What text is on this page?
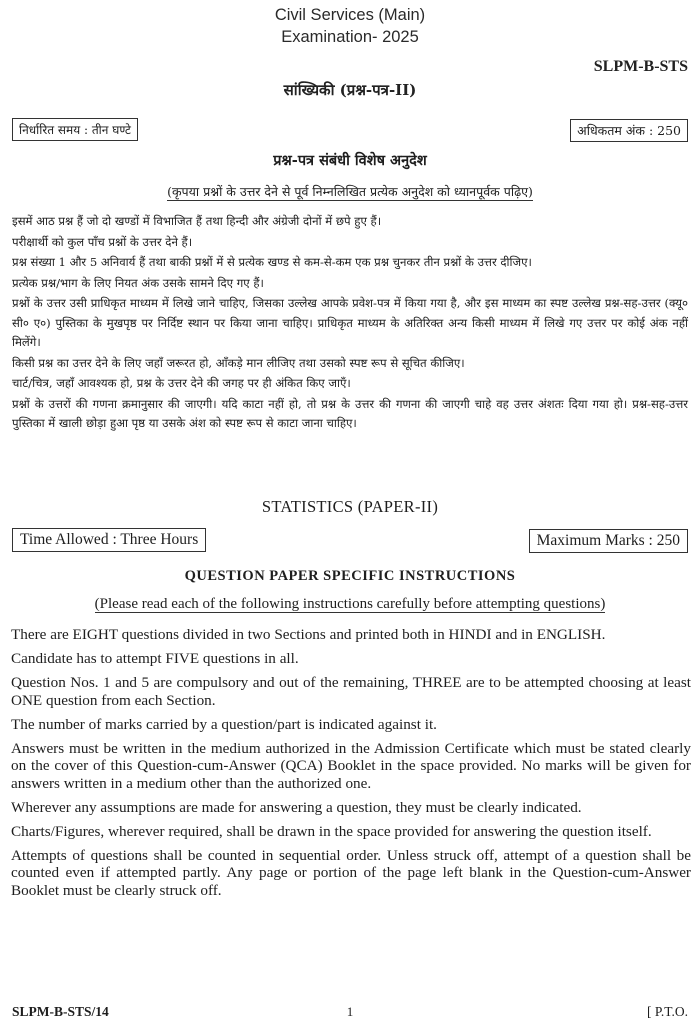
Civil Services (Main)
Examination- 2025
SLPM-B-STS
सांख्यिकी (प्रश्न-पत्र-II)
निर्धारित समय : तीन घण्टे	अधिकतम अंक : 250
प्रश्न-पत्र संबंधी विशेष अनुदेश
(कृपया प्रश्नों के उत्तर देने से पूर्व निम्नलिखित प्रत्येक अनुदेश को ध्यानपूर्वक पढ़िए)

इसमें आठ प्रश्न हैं जो दो खण्डों में विभाजित हैं तथा हिन्दी और अंग्रेजी दोनों में छपे हुए हैं।

परीक्षार्थी को कुल पाँच प्रश्नों के उत्तर देने हैं।

प्रश्न संख्या 1 और 5 अनिवार्य हैं तथा बाकी प्रश्नों में से प्रत्येक खण्ड से कम-से-कम एक प्रश्न चुनकर तीन प्रश्नों के उत्तर दीजिए।

प्रत्येक प्रश्न/भाग के लिए नियत अंक उसके सामने दिए गए हैं।

प्रश्नों के उत्तर उसी प्राधिकृत माध्यम में लिखे जाने चाहिए, जिसका उल्लेख आपके प्रवेश-पत्र में किया गया है, और इस माध्यम का स्पष्ट उल्लेख प्रश्न-सह-उत्तर (क्यू० सी० ए०) पुस्तिका के मुखपृष्ठ पर निर्दिष्ट स्थान पर किया जाना चाहिए। प्राधिकृत माध्यम के अतिरिक्त अन्य किसी माध्यम में लिखे गए उत्तर पर कोई अंक नहीं मिलेंगे।

किसी प्रश्न का उत्तर देने के लिए जहाँ जरूरत हो, आँकड़े मान लीजिए तथा उसको स्पष्ट रूप से सूचित कीजिए।

चार्ट/चित्र, जहाँ आवश्यक हो, प्रश्न के उत्तर देने की जगह पर ही अंकित किए जाएँ।

प्रश्नों के उत्तरों की गणना क्रमानुसार की जाएगी। यदि काटा नहीं हो, तो प्रश्न के उत्तर की गणना की जाएगी चाहे वह उत्तर अंशतः दिया गया हो। प्रश्न-सह-उत्तर पुस्तिका में खाली छोड़ा हुआ पृष्ठ या उसके अंश को स्पष्ट रूप से काटा जाना चाहिए।

STATISTICS (PAPER-II)
Time Allowed : Three Hours	Maximum Marks : 250
QUESTION PAPER SPECIFIC INSTRUCTIONS
(Please read each of the following instructions carefully before attempting questions)

There are EIGHT questions divided in two Sections and printed both in HINDI and in ENGLISH.

Candidate has to attempt FIVE questions in all.

Question Nos. 1 and 5 are compulsory and out of the remaining, THREE are to be attempted choosing at least ONE question from each Section.

The number of marks carried by a question/part is indicated against it.

Answers must be written in the medium authorized in the Admission Certificate which must be stated clearly on the cover of this Question-cum-Answer (QCA) Booklet in the space provided. No marks will be given for answers written in a medium other than the authorized one.

Wherever any assumptions are made for answering a question, they must be clearly indicated.

Charts/Figures, wherever required, shall be drawn in the space provided for answering the question itself.

Attempts of questions shall be counted in sequential order. Unless struck off, attempt of a question shall be counted even if attempted partly. Any page or portion of the page left blank in the Question-cum-Answer Booklet must be clearly struck off.

SLPM-B-STS/14	1	[ P.T.O.
